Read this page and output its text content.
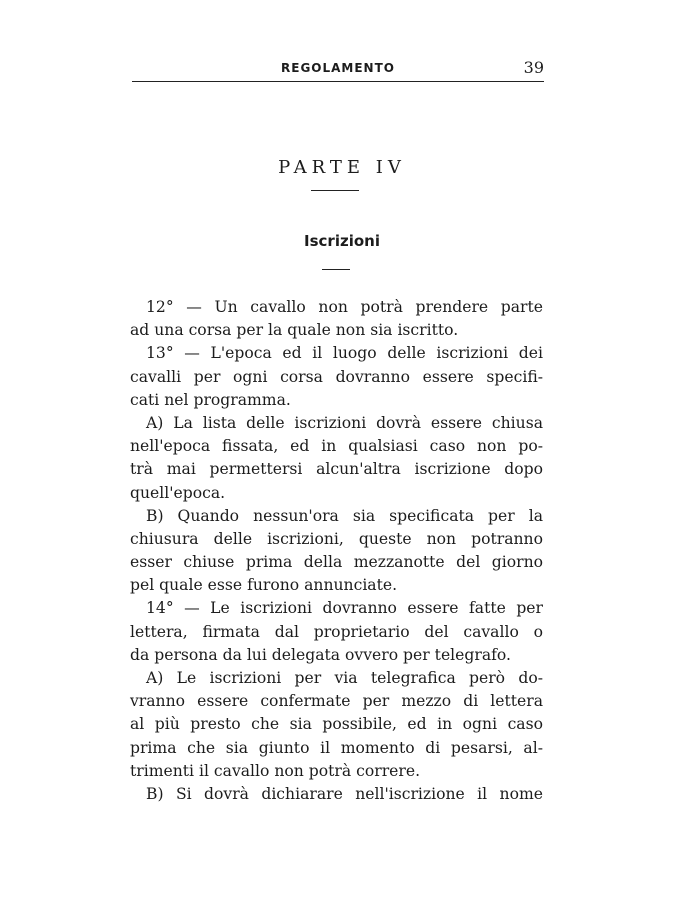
REGOLAMENTO	39
PARTE IV
Iscrizioni
12° — Un cavallo non potrà prendere parte
ad una corsa per la quale non sia iscritto.
13° — L'epoca ed il luogo delle iscrizioni dei
cavalli per ogni corsa dovranno essere specifi-
cati nel programma.
A) La lista delle iscrizioni dovrà essere chiusa
nell'epoca fissata, ed in qualsiasi caso non po-
trà mai permettersi alcun'altra iscrizione dopo
quell'epoca.
B) Quando nessun'ora sia specificata per la
chiusura delle iscrizioni, queste non potranno
esser chiuse prima della mezzanotte del giorno
pel quale esse furono annunciate.
14° — Le iscrizioni dovranno essere fatte per
lettera, firmata dal proprietario del cavallo o
da persona da lui delegata ovvero per telegrafo.
A) Le iscrizioni per via telegrafica però do-
vranno essere confermate per mezzo di lettera
al più presto che sia possibile, ed in ogni caso
prima che sia giunto il momento di pesarsi, al-
trimenti il cavallo non potrà correre.
B) Si dovrà dichiarare nell'iscrizione il nome
